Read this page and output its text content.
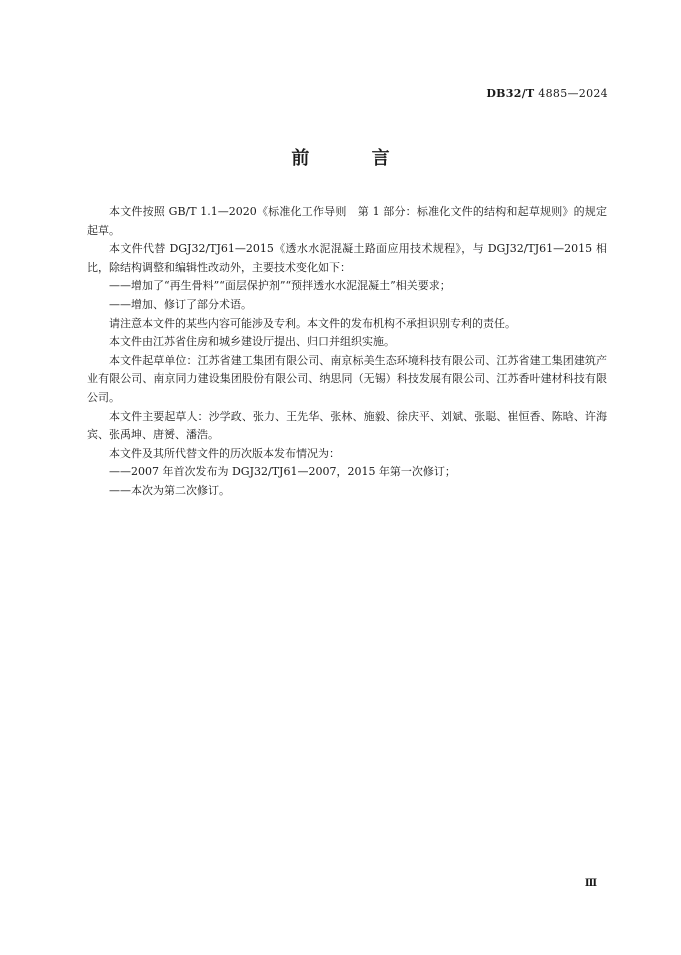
DB32/T 4885—2024
前 言

本文件按照 GB/T 1.1—2020《标准化工作导则　第 1 部分：标准化文件的结构和起草规则》的规定起草。

本文件代替 DGJ32/TJ61—2015《透水水泥混凝土路面应用技术规程》，与 DGJ32/TJ61—2015 相比，除结构调整和编辑性改动外，主要技术变化如下：

——增加了“再生骨料”“面层保护剂”“预拌透水水泥混凝土”相关要求；

——增加、修订了部分术语。

请注意本文件的某些内容可能涉及专利。本文件的发布机构不承担识别专利的责任。

本文件由江苏省住房和城乡建设厅提出、归口并组织实施。

本文件起草单位：江苏省建工集团有限公司、南京标美生态环境科技有限公司、江苏省建工集团建筑产业有限公司、南京同力建设集团股份有限公司、纳思同（无锡）科技发展有限公司、江苏香叶建材科技有限公司。

本文件主要起草人：沙学政、张力、王先华、张林、施毅、徐庆平、刘斌、张聪、崔恒香、陈晗、许海宾、张禹坤、唐赟、潘浩。

本文件及其所代替文件的历次版本发布情况为：

——2007 年首次发布为 DGJ32/TJ61—2007，2015 年第一次修订；

——本次为第二次修订。

Ⅲ
